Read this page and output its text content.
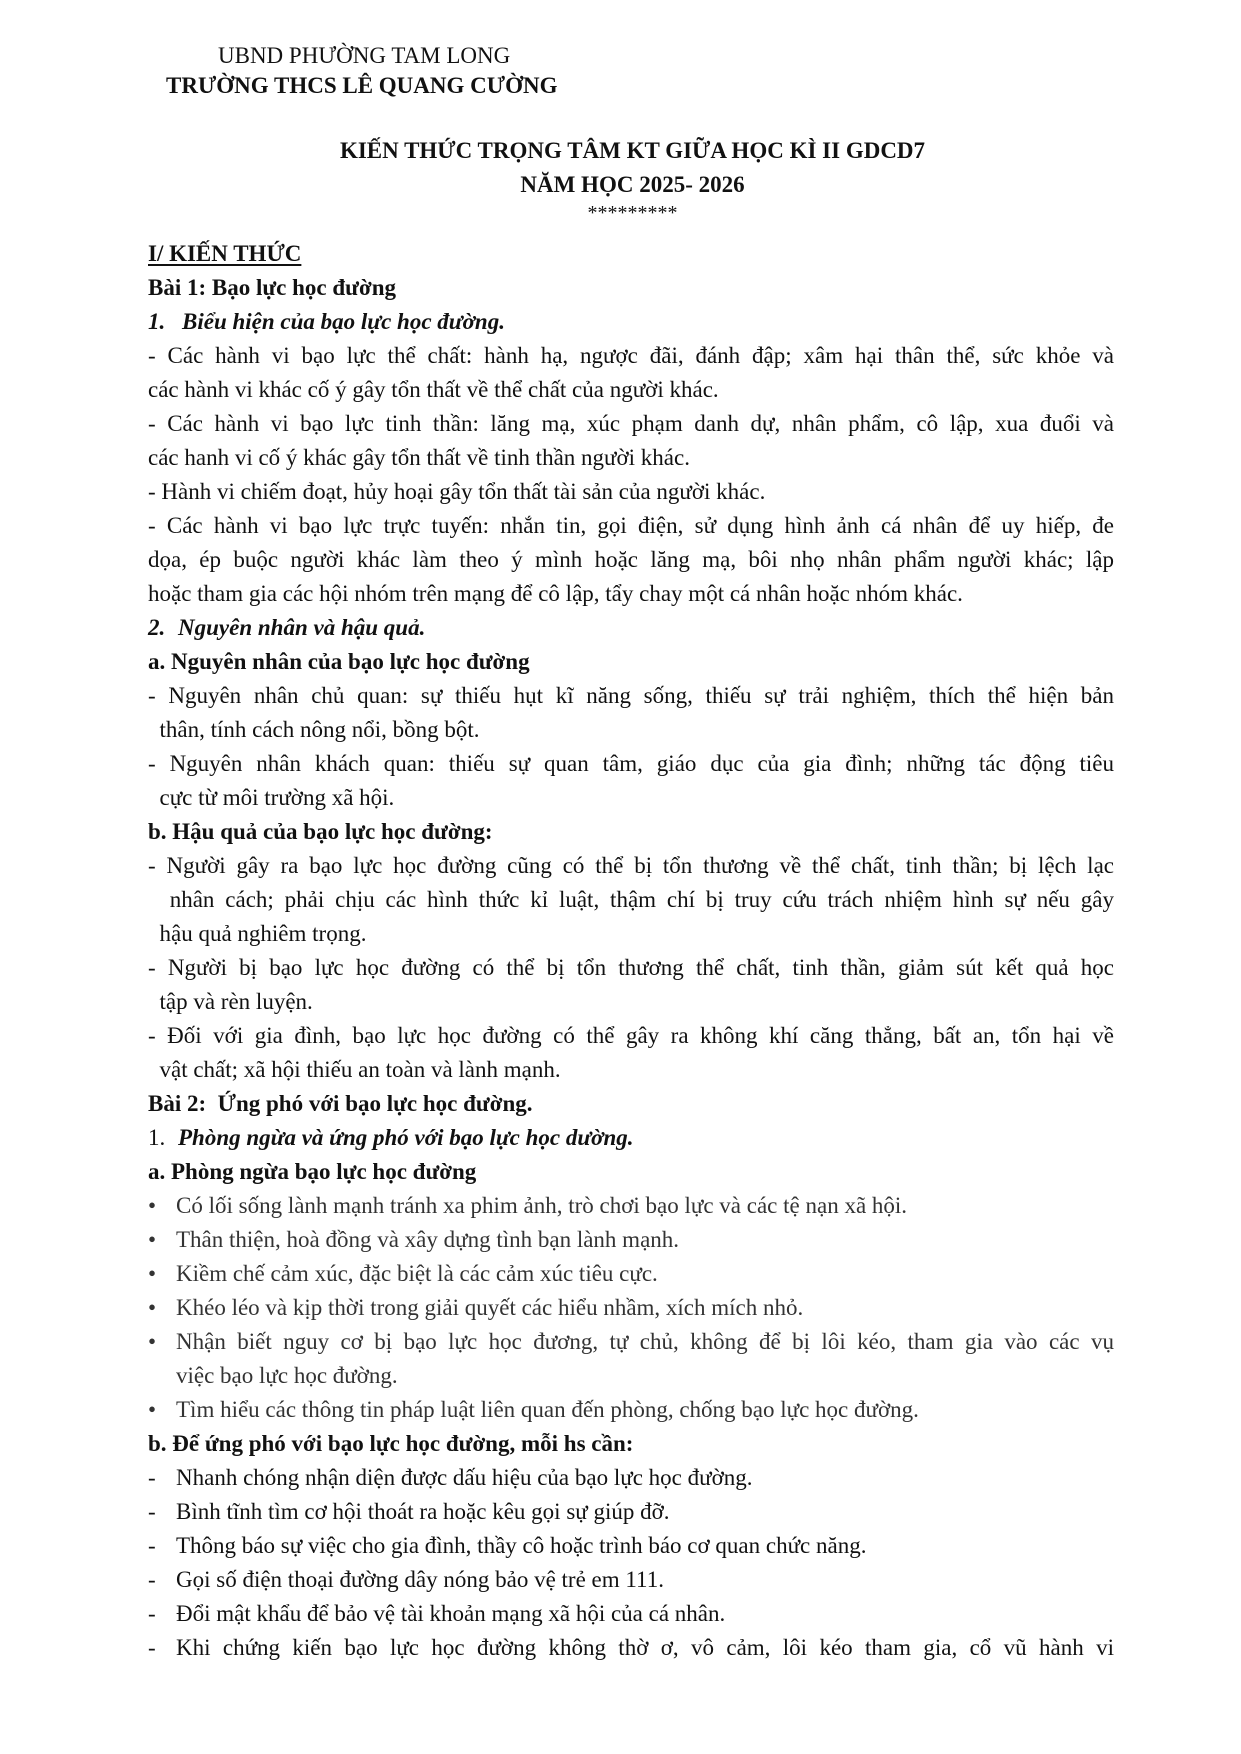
UBND PHƯỜNG TAM LONG
TRƯỜNG THCS LÊ QUANG CƯỜNG
KIẾN THỨC TRỌNG TÂM KT GIỮA HỌC KÌ II GDCD7
NĂM HỌC 2025- 2026
*********
I/ KIẾN THỨC
Bài 1: Bạo lực học đường
1. Biểu hiện của bạo lực học đường.
- Các hành vi bạo lực thể chất: hành hạ, ngược đãi, đánh đập; xâm hại thân thể, sức khỏe và
các hành vi khác cố ý gây tổn thất về thể chất của người khác.
- Các hành vi bạo lực tinh thần: lăng mạ, xúc phạm danh dự, nhân phẩm, cô lập, xua đuổi và
các hanh vi cố ý khác gây tổn thất về tinh thần người khác.
- Hành vi chiếm đoạt, hủy hoại gây tổn thất tài sản của người khác.
- Các hành vi bạo lực trực tuyến: nhắn tin, gọi điện, sử dụng hình ảnh cá nhân để uy hiếp, đe
dọa, ép buộc người khác làm theo ý mình hoặc lăng mạ, bôi nhọ nhân phẩm người khác; lập
hoặc tham gia các hội nhóm trên mạng để cô lập, tẩy chay một cá nhân hoặc nhóm khác.
2. Nguyên nhân và hậu quả.
a. Nguyên nhân của bạo lực học đường
- Nguyên nhân chủ quan: sự thiếu hụt kĩ năng sống, thiếu sự trải nghiệm, thích thể hiện bản
thân, tính cách nông nổi, bồng bột.
- Nguyên nhân khách quan: thiếu sự quan tâm, giáo dục của gia đình; những tác động tiêu
cực từ môi trường xã hội.
b. Hậu quả của bạo lực học đường:
- Người gây ra bạo lực học đường cũng có thể bị tổn thương về thể chất, tinh thần; bị lệch lạc
nhân cách; phải chịu các hình thức kỉ luật, thậm chí bị truy cứu trách nhiệm hình sự nếu gây
hậu quả nghiêm trọng.
- Người bị bạo lực học đường có thể bị tổn thương thể chất, tinh thần, giảm sút kết quả học
tập và rèn luyện.
- Đối với gia đình, bạo lực học đường có thể gây ra không khí căng thẳng, bất an, tổn hại về
vật chất; xã hội thiếu an toàn và lành mạnh.
Bài 2:  Ứng phó với bạo lực học đường.
1. Phòng ngừa và ứng phó với bạo lực học dường.
a. Phòng ngừa bạo lực học đường
• Có lối sống lành mạnh tránh xa phim ảnh, trò chơi bạo lực và các tệ nạn xã hội.
• Thân thiện, hoà đồng và xây dựng tình bạn lành mạnh.
• Kiềm chế cảm xúc, đặc biệt là các cảm xúc tiêu cực.
• Khéo léo và kịp thời trong giải quyết các hiểu nhầm, xích mích nhỏ.
• Nhận biết nguy cơ bị bạo lực học đương, tự chủ, không để bị lôi kéo, tham gia vào các vụ
việc bạo lực học đường.
• Tìm hiểu các thông tin pháp luật liên quan đến phòng, chống bạo lực học đường.
b. Để ứng phó với bạo lực học đường, mỗi hs cần:
- Nhanh chóng nhận diện được dấu hiệu của bạo lực học đường.
- Bình tĩnh tìm cơ hội thoát ra hoặc kêu gọi sự giúp đỡ.
- Thông báo sự việc cho gia đình, thầy cô hoặc trình báo cơ quan chức năng.
- Gọi số điện thoại đường dây nóng bảo vệ trẻ em 111.
- Đổi mật khẩu để bảo vệ tài khoản mạng xã hội của cá nhân.
- Khi chứng kiến bạo lực học đường không thờ ơ, vô cảm, lôi kéo tham gia, cổ vũ hành vi
